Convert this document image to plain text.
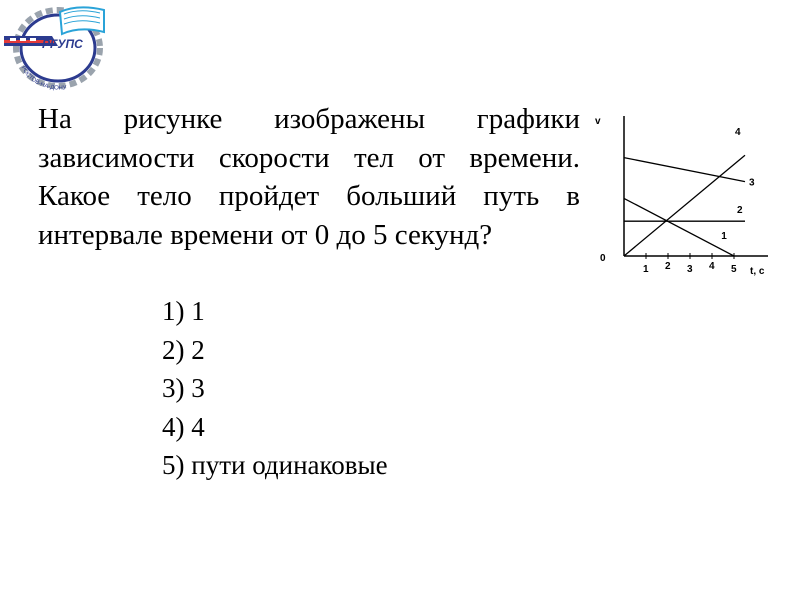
РГУПС
РОСТОВ-НА-ДОНУ

На рисунке изображены графики
зависимости скорости тел от времени.
Какое тело пройдет больший путь в
интервале времени от 0 до 5 секунд?

1) 1
2) 2
3) 3
4) 4
5) пути одинаковые
v
0
t, с
1 2 3 4 5
1
2
3
4
